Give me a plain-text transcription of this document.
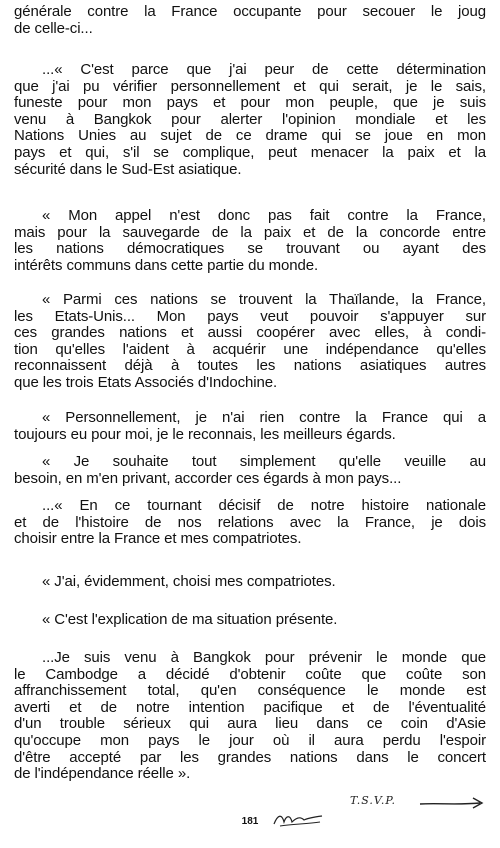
générale contre la France occupante pour secouer le joug
de celle-ci...
...« C'est parce que j'ai peur de cette détermination
que j'ai pu vérifier personnellement et qui serait, je le sais,
funeste pour mon pays et pour mon peuple, que je suis
venu à Bangkok pour alerter l'opinion mondiale et les
Nations Unies au sujet de ce drame qui se joue en mon
pays et qui, s'il se complique, peut menacer la paix et la
sécurité dans le Sud-Est asiatique.
« Mon appel n'est donc pas fait contre la France,
mais pour la sauvegarde de la paix et de la concorde entre
les nations démocratiques se trouvant ou ayant des
intérêts communs dans cette partie du monde.
« Parmi ces nations se trouvent la Thaïlande, la France,
les Etats-Unis... Mon pays veut pouvoir s'appuyer sur
ces grandes nations et aussi coopérer avec elles, à condi-
tion qu'elles l'aident à acquérir une indépendance qu'elles
reconnaissent déjà à toutes les nations asiatiques autres
que les trois Etats Associés d'Indochine.
« Personnellement, je n'ai rien contre la France qui a
toujours eu pour moi, je le reconnais, les meilleurs égards.
« Je souhaite tout simplement qu'elle veuille au
besoin, en m'en privant, accorder ces égards à mon pays...
...« En ce tournant décisif de notre histoire nationale
et de l'histoire de nos relations avec la France, je dois
choisir entre la France et mes compatriotes.
« J'ai, évidemment, choisi mes compatriotes.
« C'est l'explication de ma situation présente.
...Je suis venu à Bangkok pour prévenir le monde que
le Cambodge a décidé d'obtenir coûte que coûte son
affranchissement total, qu'en conséquence le monde est
averti et de notre intention pacifique et de l'éventualité
d'un trouble sérieux qui aura lieu dans ce coin d'Asie
qu'occupe mon pays le jour où il aura perdu l'espoir
d'être accepté par les grandes nations dans le concert
de l'indépendance réelle ».
T.S.V.P.
181
